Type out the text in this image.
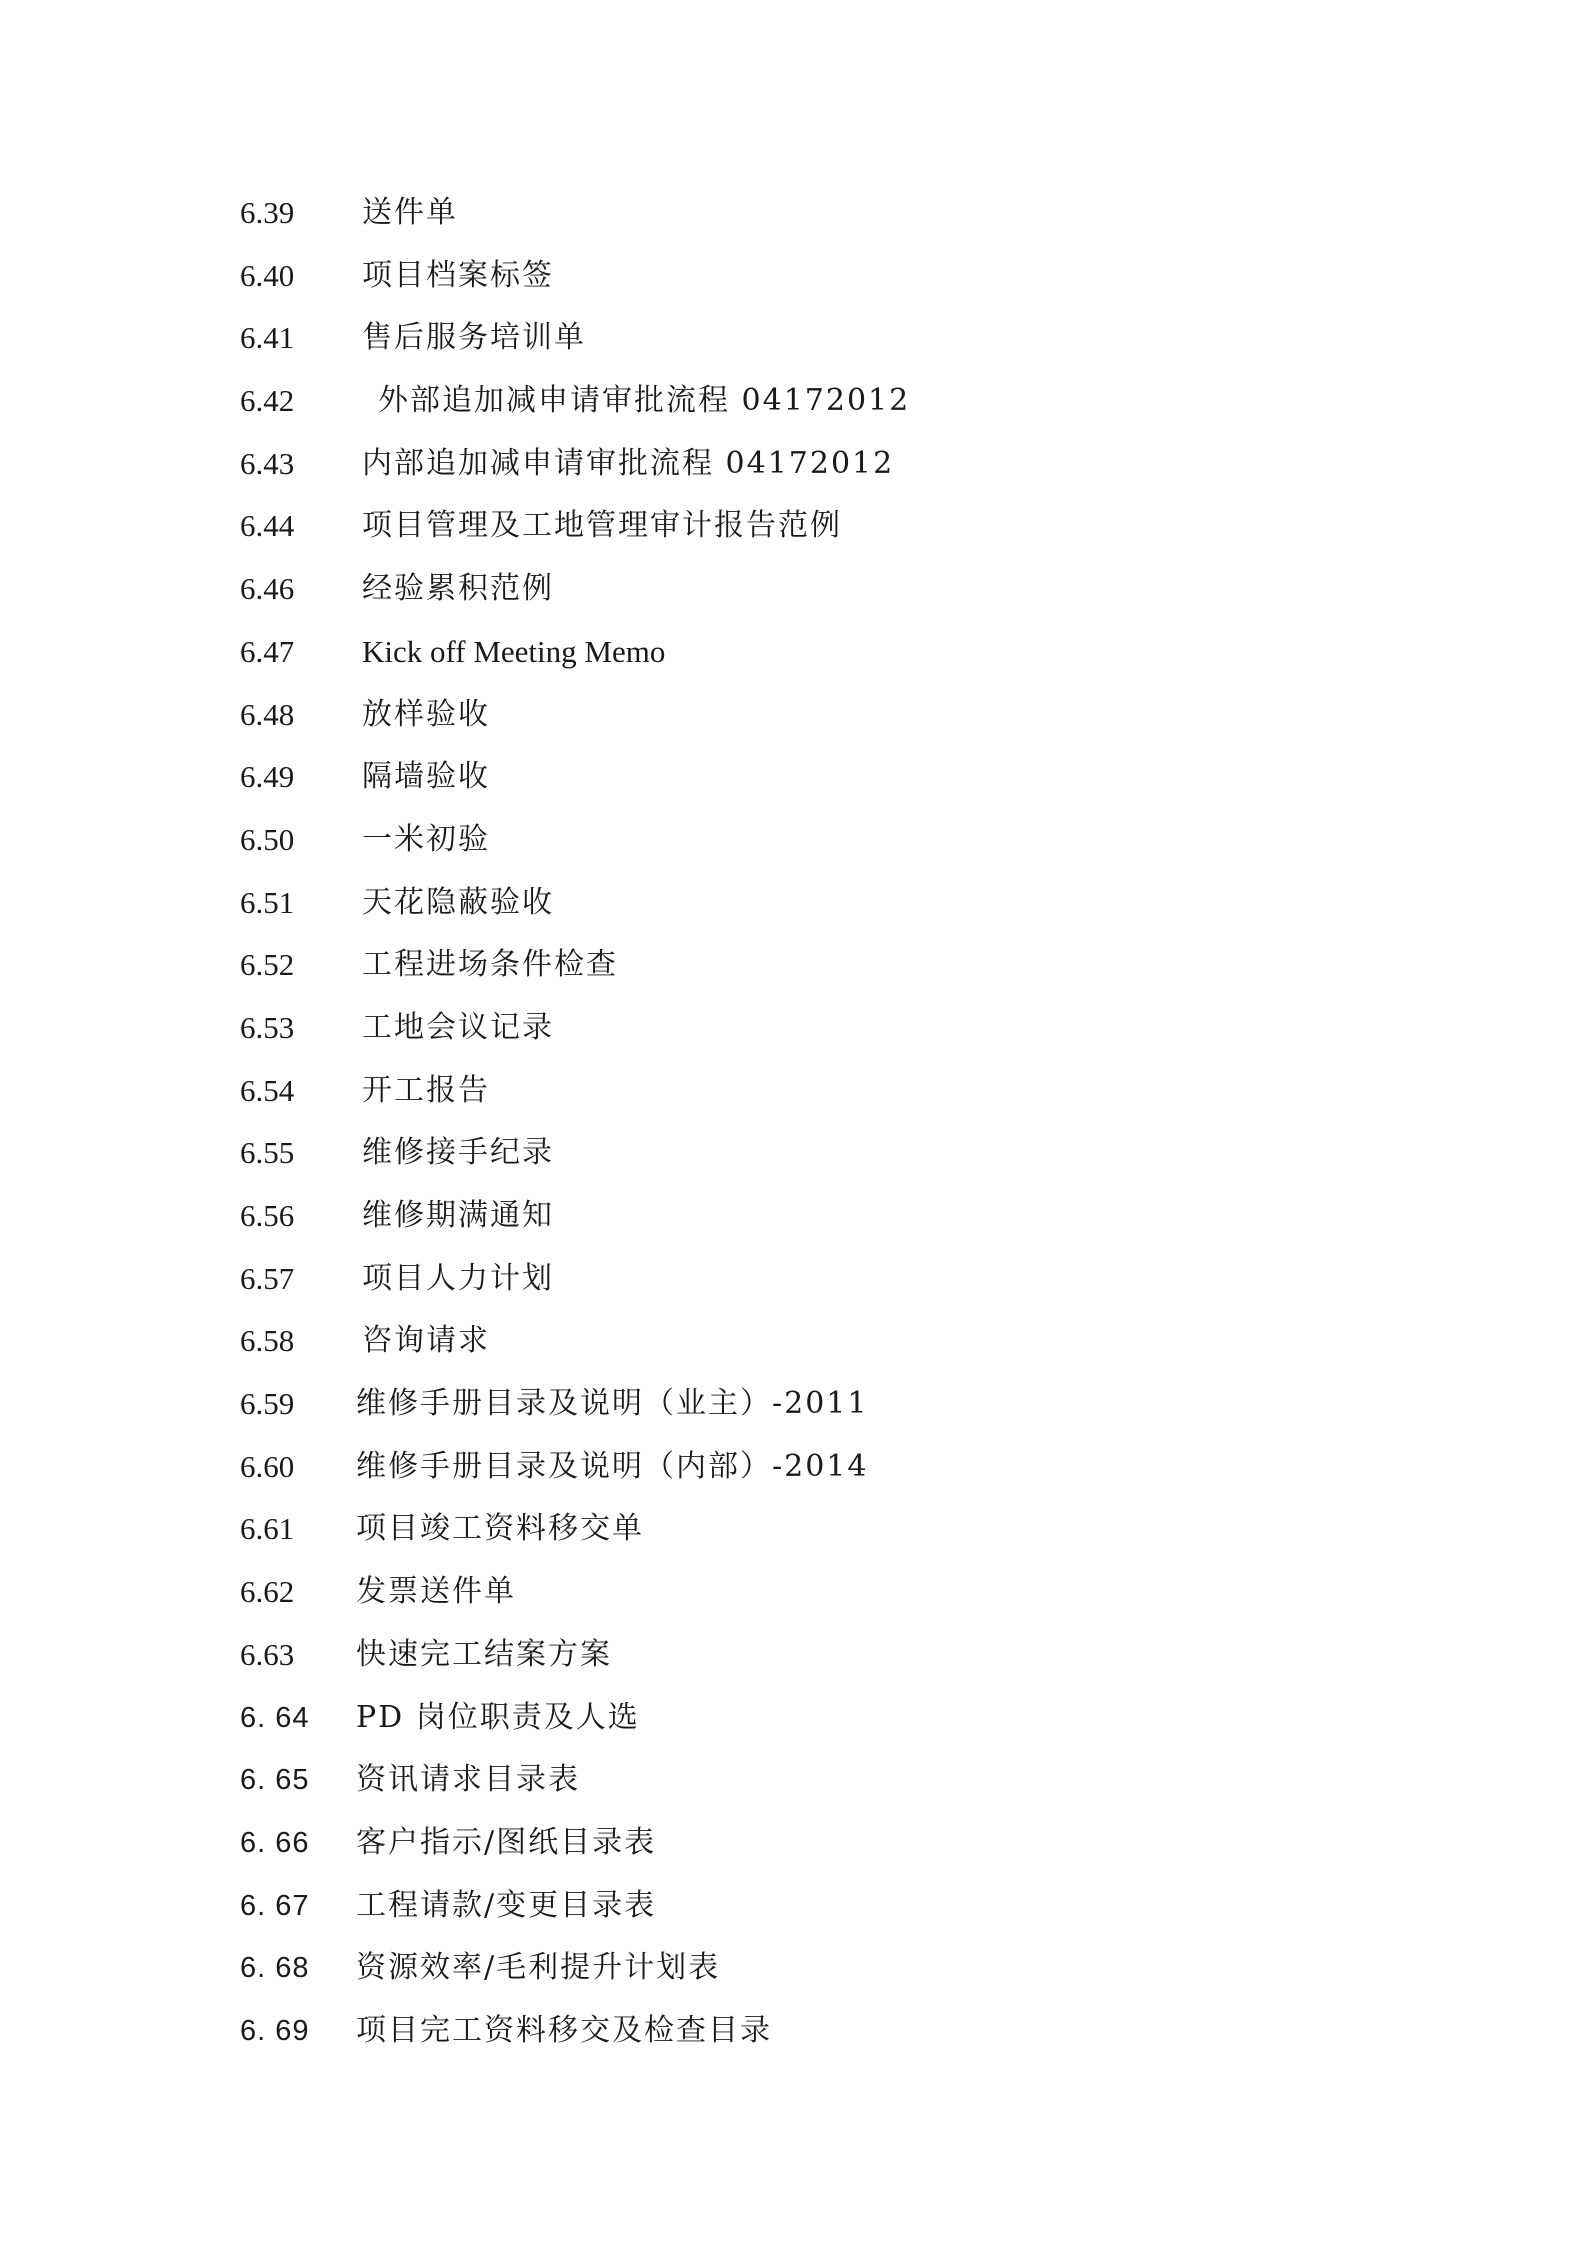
6.39 送件单
6.40 项目档案标签
6.41 售后服务培训单
6.42	外部追加减申请审批流程 04172012
6.43 内部追加减申请审批流程 04172012
6.44 项目管理及工地管理审计报告范例
6.46 经验累积范例
6.47 Kick off Meeting Memo
6.48 放样验收
6.49 隔墙验收
6.50 一米初验
6.51 天花隐蔽验收
6.52 工程进场条件检查
6.53 工地会议记录
6.54 开工报告
6.55 维修接手纪录
6.56 维修期满通知
6.57 项目人力计划
6.58 咨询请求
6.59 维修手册目录及说明（业主）-2011
6.60 维修手册目录及说明（内部）-2014
6.61 项目竣工资料移交单
6.62 发票送件单
6.63 快速完工结案方案
6. 64 PD 岗位职责及人选
6. 65 资讯请求目录表
6. 66 客户指示/图纸目录表
6. 67 工程请款/变更目录表
6. 68 资源效率/毛利提升计划表
6. 69 项目完工资料移交及检查目录
